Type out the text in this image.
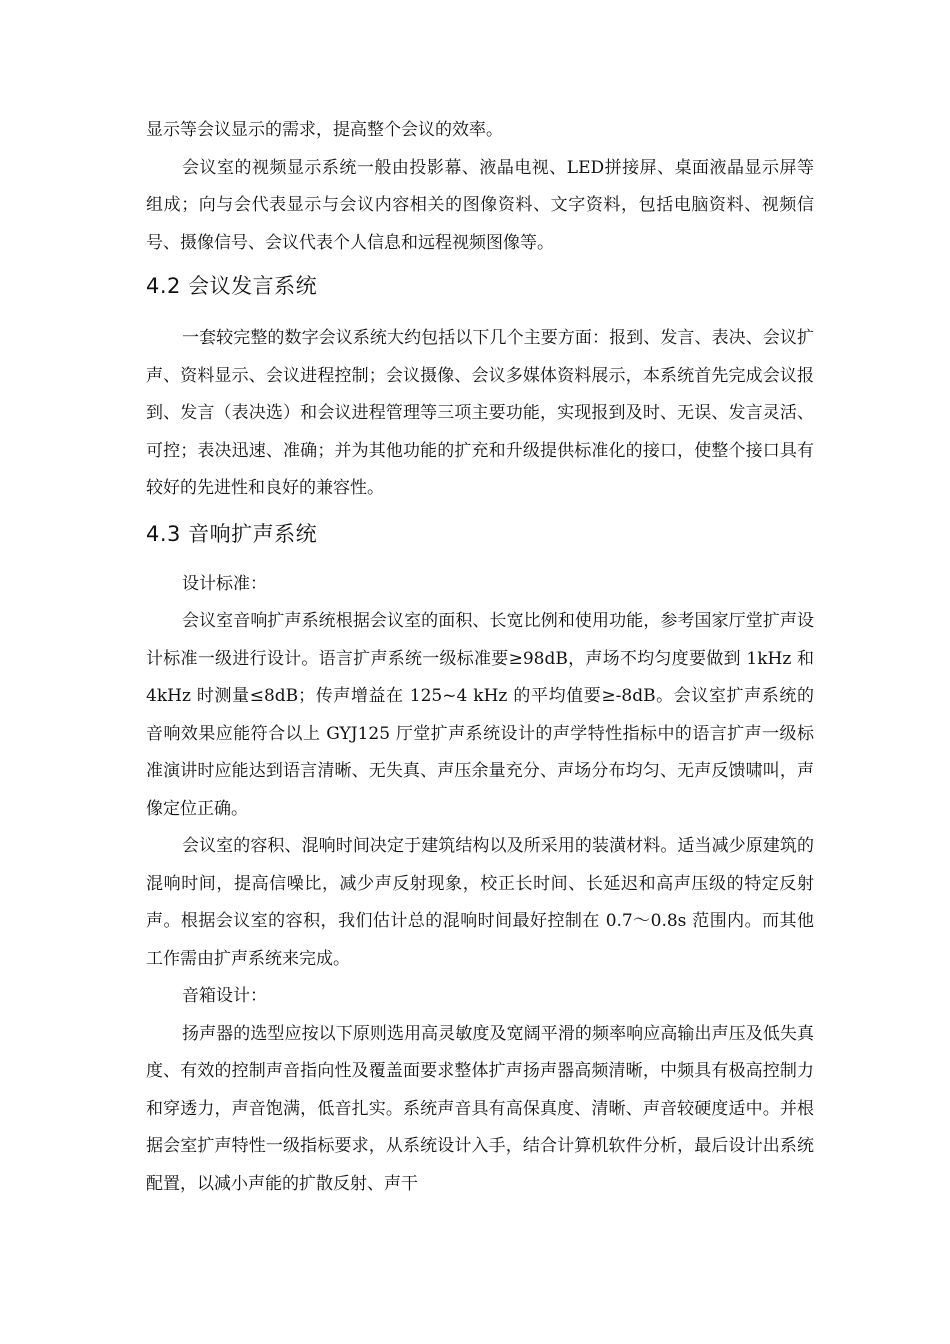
显示等会议显示的需求，提高整个会议的效率。

会议室的视频显示系统一般由投影幕、液晶电视、LED拼接屏、桌面液晶显示屏等组成；向与会代表显示与会议内容相关的图像资料、文字资料，包括电脑资料、视频信号、摄像信号、会议代表个人信息和远程视频图像等。

4.2 会议发言系统

一套较完整的数字会议系统大约包括以下几个主要方面：报到、发言、表决、会议扩声、资料显示、会议进程控制；会议摄像、会议多媒体资料展示，本系统首先完成会议报到、发言（表决选）和会议进程管理等三项主要功能，实现报到及时、无误、发言灵活、可控；表决迅速、准确；并为其他功能的扩充和升级提供标准化的接口，使整个接口具有较好的先进性和良好的兼容性。

4.3 音响扩声系统

设计标准：

会议室音响扩声系统根据会议室的面积、长宽比例和使用功能，参考国家厅堂扩声设计标准一级进行设计。语言扩声系统一级标准要≥98dB，声场不均匀度要做到 1kHz 和 4kHz 时测量≤8dB；传声增益在 125~4 kHz 的平均值要≥-8dB。会议室扩声系统的音响效果应能符合以上 GYJ125 厅堂扩声系统设计的声学特性指标中的语言扩声一级标准演讲时应能达到语言清晰、无失真、声压余量充分、声场分布均匀、无声反馈啸叫，声像定位正确。

会议室的容积、混响时间决定于建筑结构以及所采用的装潢材料。适当减少原建筑的混响时间，提高信噪比，减少声反射现象，校正长时间、长延迟和高声压级的特定反射声。根据会议室的容积，我们估计总的混响时间最好控制在 0.7～0.8s 范围内。而其他工作需由扩声系统来完成。

音箱设计：

扬声器的选型应按以下原则选用高灵敏度及宽阔平滑的频率响应高输出声压及低失真度、有效的控制声音指向性及覆盖面要求整体扩声扬声器高频清晰，中频具有极高控制力和穿透力，声音饱满，低音扎实。系统声音具有高保真度、清晰、声音较硬度适中。并根据会室扩声特性一级指标要求，从系统设计入手，结合计算机软件分析，最后设计出系统配置，以减小声能的扩散反射、声干
